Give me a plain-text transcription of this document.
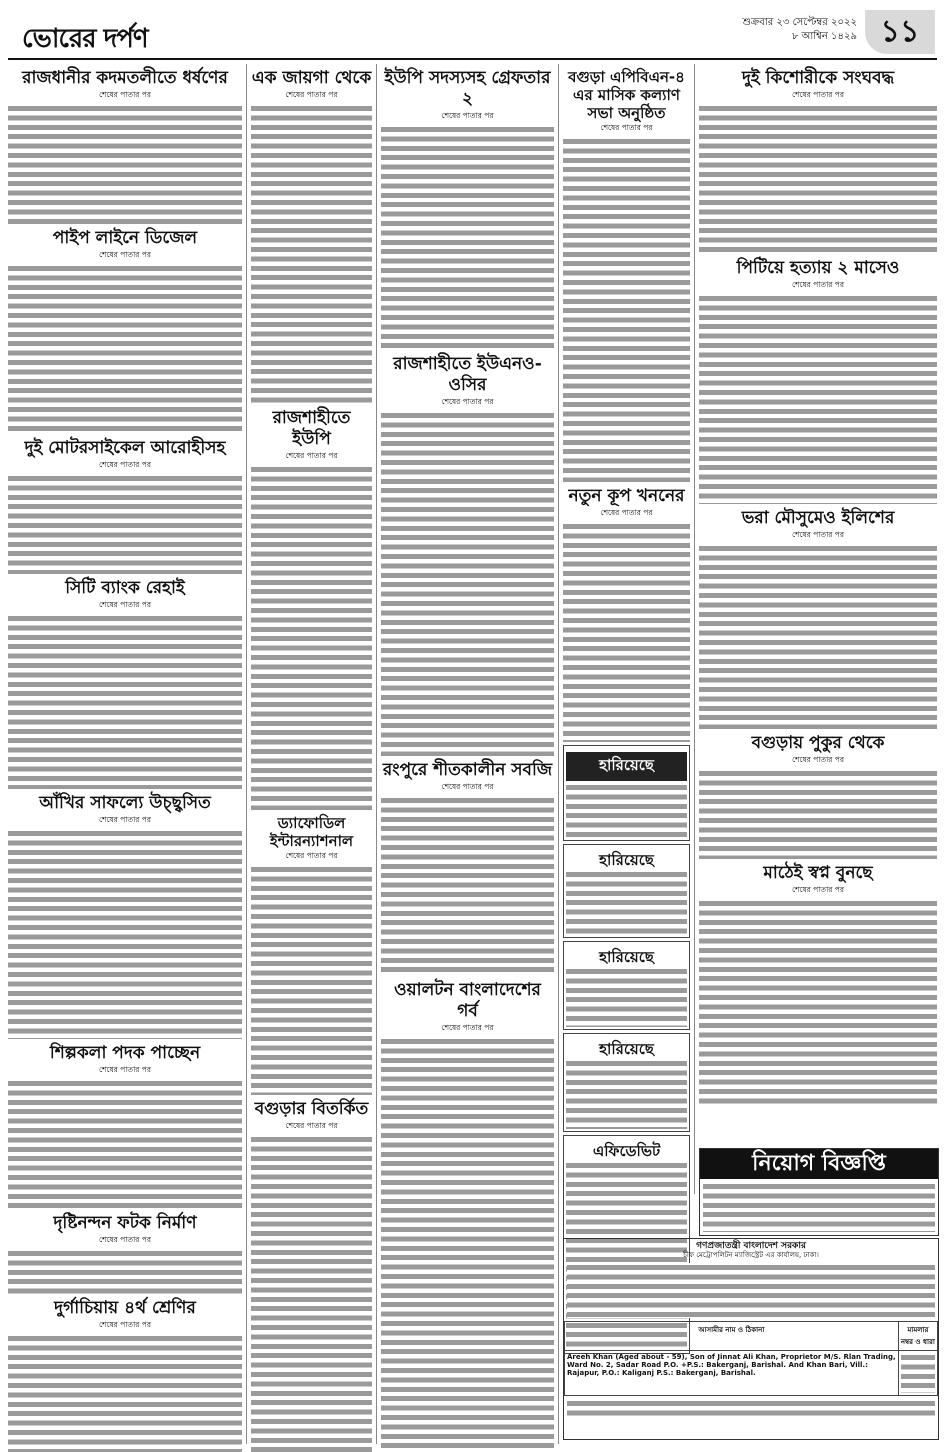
ভোরের দর্পণ
শুক্রবার ২৩ সেপ্টেম্বর ২০২২
৮ আশ্বিন ১৪২৯ ১১
রাজধানীর কদমতলীতে ধর্ষণের
শেষের পাতার পর
পাইপ লাইনে ডিজেল
শেষের পাতার পর
দুই মোটরসাইকেল আরোহীসহ
শেষের পাতার পর
সিটি ব্যাংক রেহাই
শেষের পাতার পর
আঁখির সাফল্যে উচ্ছ্বসিত
শেষের পাতার পর
শিল্পকলা পদক পাচ্ছেন
শেষের পাতার পর
দৃষ্টিনন্দন ফটক নির্মাণ
শেষের পাতার পর
দুর্গাচিয়ায় ৪র্থ শ্রেণির
শেষের পাতার পর
এক জায়গা থেকে
শেষের পাতার পর
রাজশাহীতে ইউপি
শেষের পাতার পর
ড্যাফোডিল ইন্টারন্যাশনাল
শেষের পাতার পর
বগুড়ার বিতর্কিত
শেষের পাতার পর
ইউপি সদস্যসহ গ্রেফতার ২
শেষের পাতার পর
রাজশাহীতে ইউএনও-ওসির
শেষের পাতার পর
রংপুরে শীতকালীন সবজি
শেষের পাতার পর
ওয়ালটন বাংলাদেশের গর্ব
শেষের পাতার পর
বগুড়া এপিবিএন-৪ এর মাসিক কল্যাণ সভা অনুষ্ঠিত
শেষের পাতার পর
নতুন কূপ খননের
শেষের পাতার পর
হারিয়েছে
হারিয়েছে
হারিয়েছে
হারিয়েছে
এফিডেভিট
দুই কিশোরীকে সংঘবদ্ধ
শেষের পাতার পর
পিটিয়ে হত্যায় ২ মাসেও
শেষের পাতার পর
ভরা মৌসুমেও ইলিশের
শেষের পাতার পর
বগুড়ায় পুকুর থেকে
শেষের পাতার পর
মাঠেই স্বপ্ন বুনছে
শেষের পাতার পর
নিয়োগ বিজ্ঞপ্তি
গণপ্রজাতন্ত্রী বাংলাদেশ সরকার
চীফ মেট্রোপলিটন ম্যাজিস্ট্রেট এর কার্যালয়, ঢাকা।
আসামীর নাম ও ঠিকানা	মামলার নম্বর ও ধারা
Areeh Khan (Aged about - 59), Son of Jinnat Ali Khan, Proprietor M/S. Rlan Trading, Ward No. 2, Sadar Road P.O. +P.S.: Bakerganj, Barishal. And Khan Bari, Vill.: Rajapur, P.O.: Kaliganj P.S.: Bakerganj, Barishal.	
